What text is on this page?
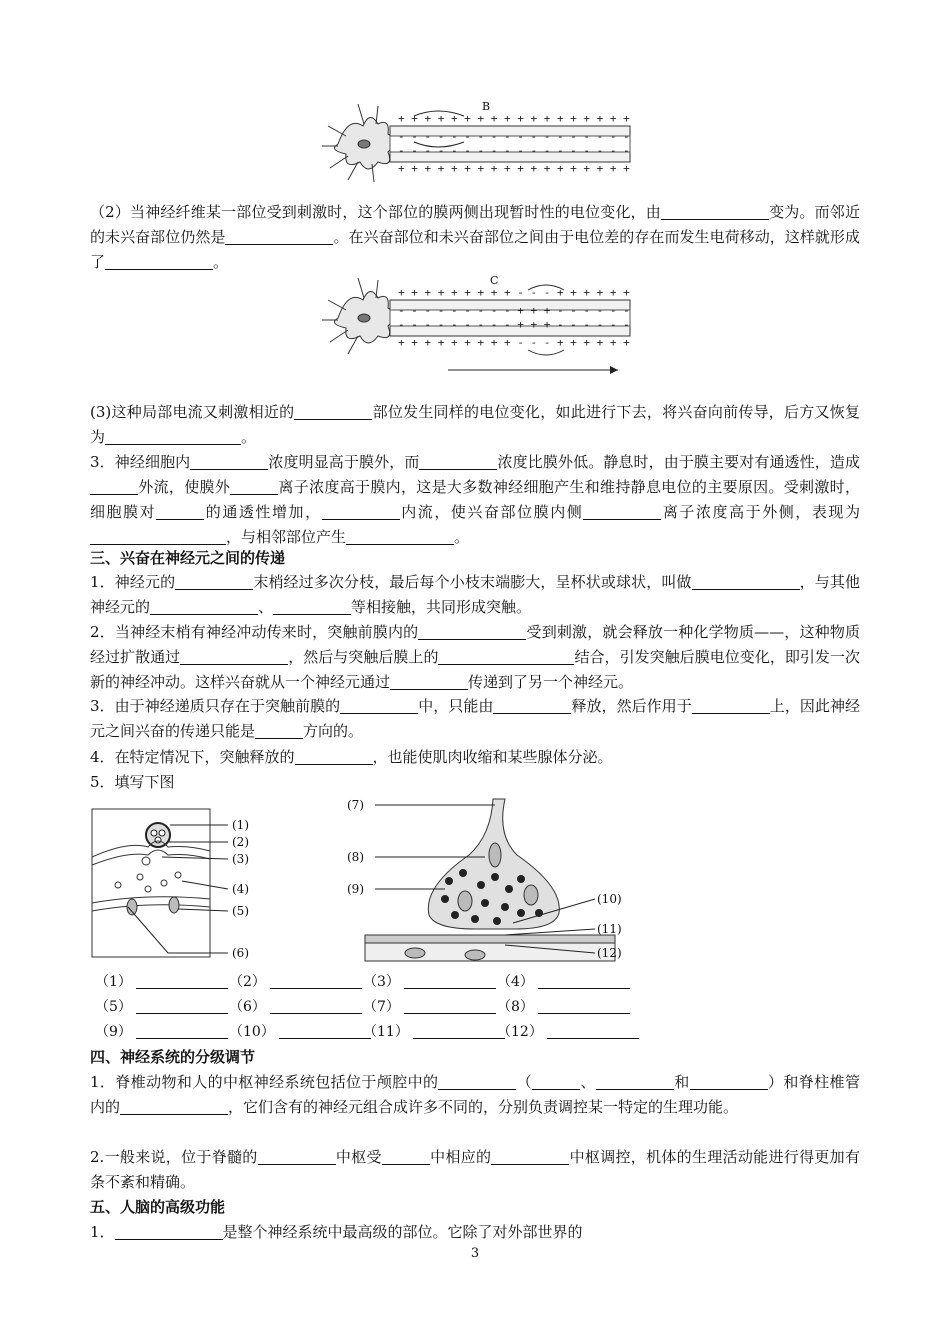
+ + + + + + + + + + + + + + + + + +
- - - - - - - - - - - - - - - - - -
- - - - - - - - - - - - - - - - - -
+ + + + + + + + + + + + + + + + + +
B
（2）当神经纤维某一部位受到刺激时，这个部位的膜两侧出现暂时性的电位变化，由	变为。而邻近的未兴奋部位仍然是	。在兴奋部位和未兴奋部位之间由于电位差的存在而发生电荷移动，这样就形成了	。
+ + + + + + + + + - - - + + + + + +
- - - - - - - - - + + + - - - - - -
- - - - - - - - - + + + - - - - - -
+ + + + + + + + + - - - + + + + + +
C
(3)这种局部电流又刺激相近的	部位发生同样的电位变化，如此进行下去，将兴奋向前传导，后方又恢复为	。
3．神经细胞内	浓度明显高于膜外，而	浓度比膜外低。静息时，由于膜主要对有通透性，造成外流，使膜外	离子浓度高于膜内，这是大多数神经细胞产生和维持静息电位的主要原因。受刺激时，细胞膜对	的通透性增加，	内流，使兴奋部位膜内侧	离子浓度高于外侧，表现为，与相邻部位产生	。
三、兴奋在神经元之间的传递
1．神经元的	末梢经过多次分枝，最后每个小枝末端膨大，呈杯状或球状，叫做	，与其他神经元的	、	等相接触，共同形成突触。
2．当神经末梢有神经冲动传来时，突触前膜内的	受到刺激，就会释放一种化学物质——，这种物质经过扩散通过	，然后与突触后膜上的	结合，引发突触后膜电位变化，即引发一次新的神经冲动。这样兴奋就从一个神经元通过	传递到了另一个神经元。
3．由于神经递质只存在于突触前膜的	中，只能由	释放，然后作用于	上，因此神经元之间兴奋的传递只能是	方向的。
4．在特定情况下，突触释放的	，也能使肌肉收缩和某些腺体分泌。
5．填写下图
(1)
(2)
(3)
(4)
(5)
(6)
(7)
(8)
(9)
(10)
(11)
(12)
（1）	（2）	（3）	（4）
（5）	（6）	（7）	（8）
（9）	（10）	（11）	（12）
四、神经系统的分级调节
1．脊椎动物和人的中枢神经系统包括位于颅腔中的	（	、	和	）和脊柱椎管内的	，它们含有的神经元组合成许多不同的，分别负责调控某一特定的生理功能。
2.一般来说，位于脊髓的	中枢受	中相应的	中枢调控，机体的生理活动能进行得更加有条不紊和精确。
五、人脑的高级功能
1．	是整个神经系统中最高级的部位。它除了对外部世界的
3
